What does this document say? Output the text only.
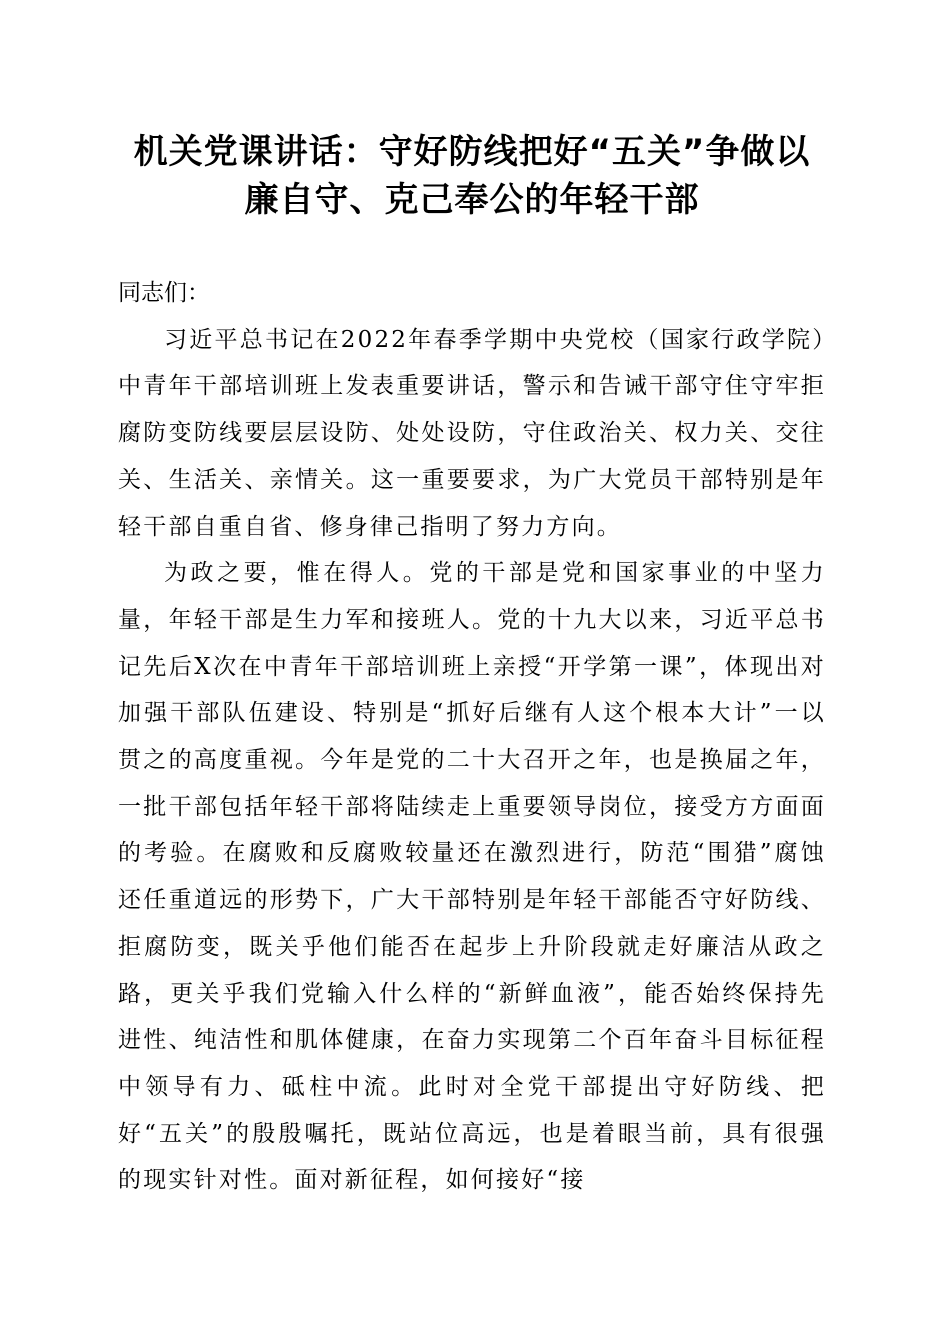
机关党课讲话：守好防线把好“五关”争做以
廉自守、克己奉公的年轻干部

同志们：

习近平总书记在2022年春季学期中央党校（国家行政学院）中青年干部培训班上发表重要讲话，警示和告诫干部守住守牢拒腐防变防线要层层设防、处处设防，守住政治关、权力关、交往关、生活关、亲情关。这一重要要求，为广大党员干部特别是年轻干部自重自省、修身律己指明了努力方向。

为政之要，惟在得人。党的干部是党和国家事业的中坚力量，年轻干部是生力军和接班人。党的十九大以来，习近平总书记先后X次在中青年干部培训班上亲授“开学第一课”，体现出对加强干部队伍建设、特别是“抓好后继有人这个根本大计”一以贯之的高度重视。今年是党的二十大召开之年，也是换届之年，一批干部包括年轻干部将陆续走上重要领导岗位，接受方方面面的考验。在腐败和反腐败较量还在激烈进行，防范“围猎”腐蚀还任重道远的形势下，广大干部特别是年轻干部能否守好防线、拒腐防变，既关乎他们能否在起步上升阶段就走好廉洁从政之路，更关乎我们党输入什么样的“新鲜血液”，能否始终保持先进性、纯洁性和肌体健康，在奋力实现第二个百年奋斗目标征程中领导有力、砥柱中流。此时对全党干部提出守好防线、把好“五关”的殷殷嘱托，既站位高远，也是着眼当前，具有很强的现实针对性。面对新征程，如何接好“接
